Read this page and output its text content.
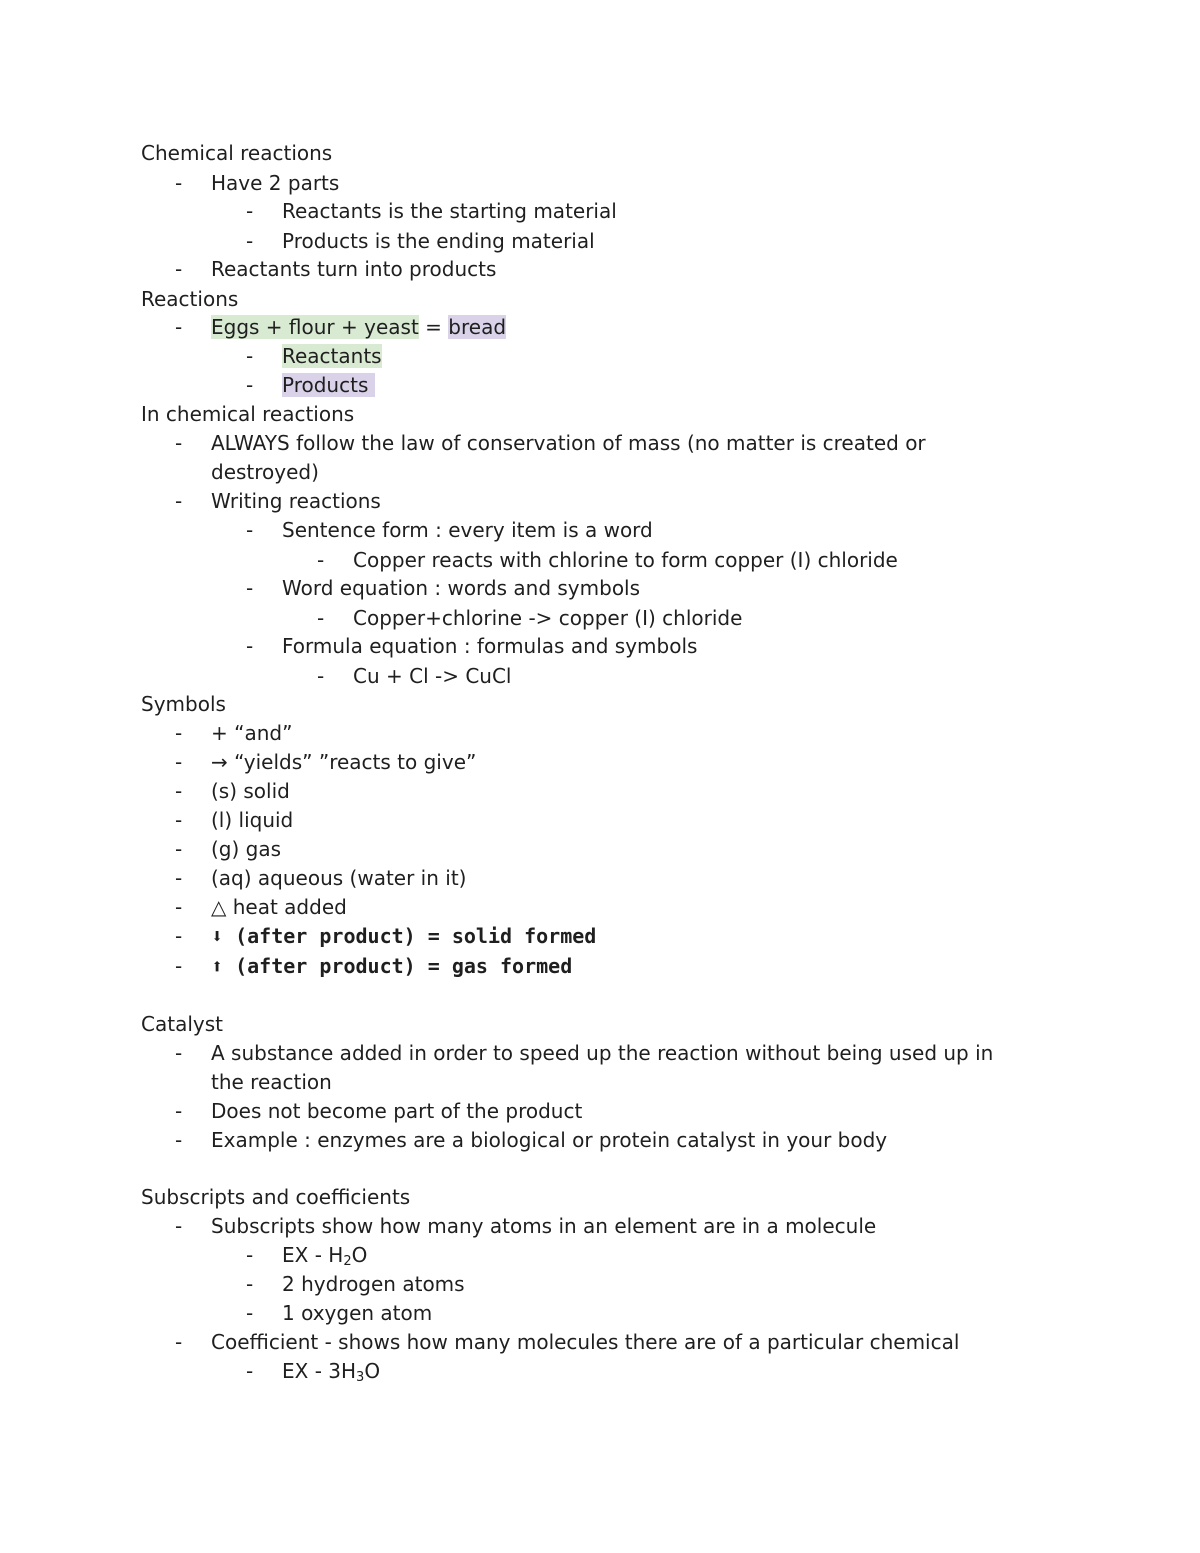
Chemical reactions
- Have 2 parts
- Reactants is the starting material
- Products is the ending material
- Reactants turn into products
Reactions
- Eggs + flour + yeast = bread
- Reactants
- Products
In chemical reactions
- ALWAYS follow the law of conservation of mass (no matter is created or
destroyed)
- Writing reactions
- Sentence form : every item is a word
- Copper reacts with chlorine to form copper (I) chloride
- Word equation : words and symbols
- Copper+chlorine -> copper (I) chloride
- Formula equation : formulas and symbols
- Cu + Cl -> CuCl
Symbols
- + “and”
- → “yields” ”reacts to give”
- (s) solid
- (l) liquid
- (g) gas
- (aq) aqueous (water in it)
- △ heat added
- ⬇ (after product) = solid formed
- ⬆ (after product) = gas formed
Catalyst
- A substance added in order to speed up the reaction without being used up in
the reaction
- Does not become part of the product
- Example : enzymes are a biological or protein catalyst in your body
Subscripts and coefficients
- Subscripts show how many atoms in an element are in a molecule
- EX - $H_2O$
- 2 hydrogen atoms
- 1 oxygen atom
- Coefficient - shows how many molecules there are of a particular chemical
- EX - $3H_3O$
